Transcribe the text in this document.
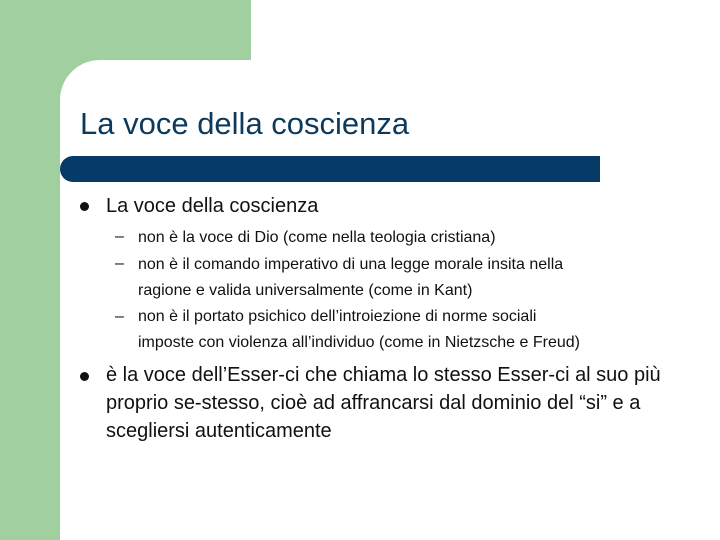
La voce della coscienza
La voce della coscienza
– non è la voce di Dio (come nella teologia cristiana)
– non è il comando imperativo di una legge morale insita nella
ragione e valida universalmente (come in Kant)
– non è il portato psichico dell’introiezione di norme sociali
imposte con violenza all’individuo (come in Nietzsche e Freud)
è la voce dell’Esser-ci che chiama lo stesso Esser-ci al suo più proprio se-stesso, cioè ad affrancarsi dal dominio del “si” e a scegliersi autenticamente
